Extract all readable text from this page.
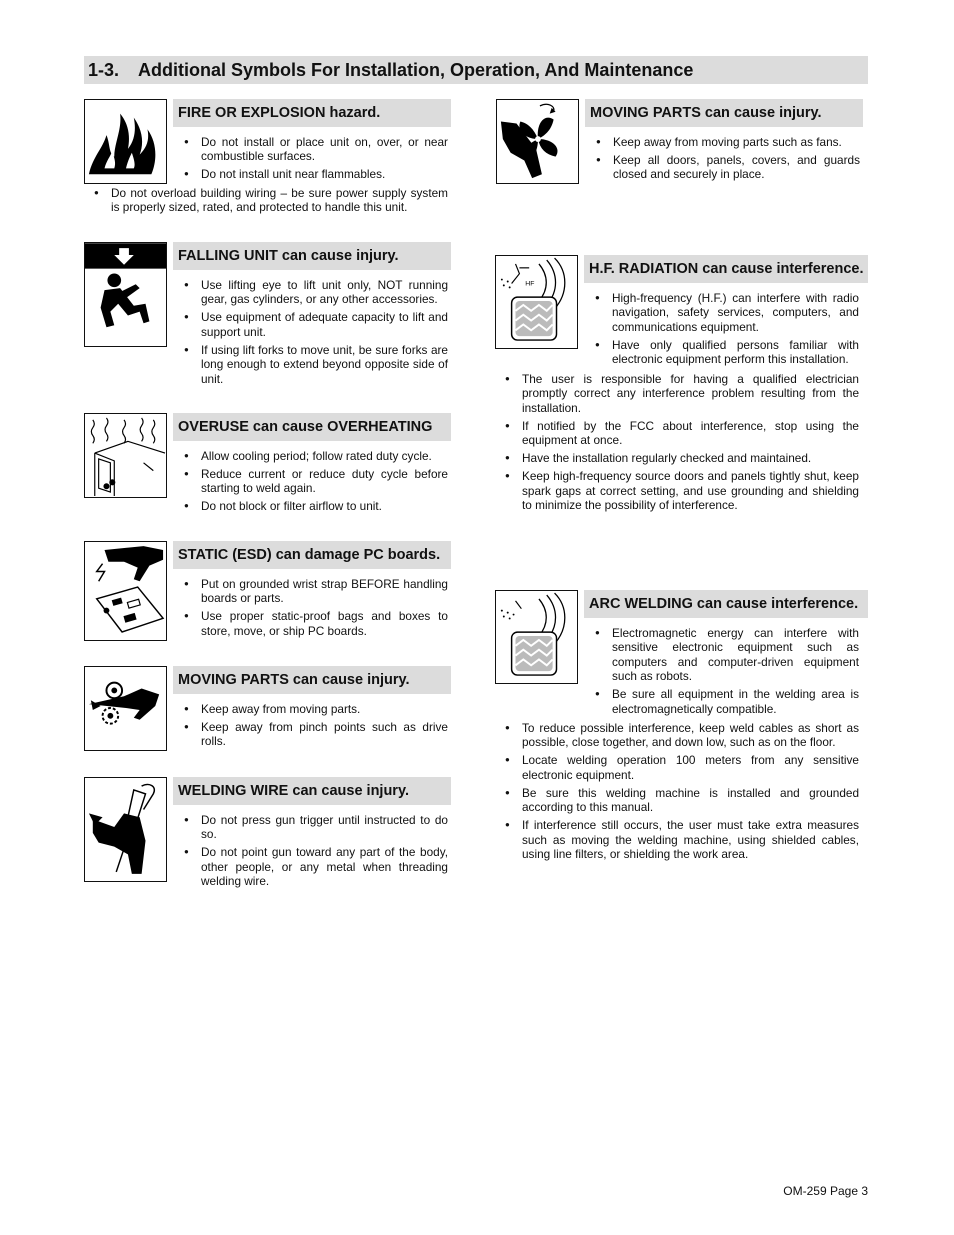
1-3. Additional Symbols For Installation, Operation, And Maintenance
FIRE OR EXPLOSION hazard.
● Do not install or place unit on, over, or near combustible surfaces.
● Do not install unit near flammables.
● Do not overload building wiring – be sure power supply system is properly sized, rated, and protected to handle this unit.
FALLING UNIT can cause injury.
● Use lifting eye to lift unit only, NOT running gear, gas cylinders, or any other accessories.
● Use equipment of adequate capacity to lift and support unit.
● If using lift forks to move unit, be sure forks are long enough to extend beyond opposite side of unit.
OVERUSE can cause OVERHEATING
● Allow cooling period; follow rated duty cycle.
● Reduce current or reduce duty cycle before starting to weld again.
● Do not block or filter airflow to unit.
STATIC (ESD) can damage PC boards.
● Put on grounded wrist strap BEFORE handling boards or parts.
● Use proper static-proof bags and boxes to store, move, or ship PC boards.
MOVING PARTS can cause injury.
● Keep away from moving parts.
● Keep away from pinch points such as drive rolls.
WELDING WIRE can cause injury.
● Do not press gun trigger until instructed to do so.
● Do not point gun toward any part of the body, other people, or any metal when threading welding wire.
MOVING PARTS can cause injury.
● Keep away from moving parts such as fans.
● Keep all doors, panels, covers, and guards closed and securely in place.
HF
H.F. RADIATION can cause interference.
● High-frequency (H.F.) can interfere with radio navigation, safety services, computers, and communications equipment.
● Have only qualified persons familiar with electronic equipment perform this installation.
● The user is responsible for having a qualified electrician promptly correct any interference problem resulting from the installation.
● If notified by the FCC about interference, stop using the equipment at once.
● Have the installation regularly checked and maintained.
● Keep high-frequency source doors and panels tightly shut, keep spark gaps at correct setting, and use grounding and shielding to minimize the possibility of interference.
ARC WELDING can cause interference.
● Electromagnetic energy can interfere with sensitive electronic equipment such as computers and computer-driven equipment such as robots.
● Be sure all equipment in the welding area is electromagnetically compatible.
● To reduce possible interference, keep weld cables as short as possible, close together, and down low, such as on the floor.
● Locate welding operation 100 meters from any sensitive electronic equipment.
● Be sure this welding machine is installed and grounded according to this manual.
● If interference still occurs, the user must take extra measures such as moving the welding machine, using shielded cables, using line filters, or shielding the work area.
OM-259 Page 3
